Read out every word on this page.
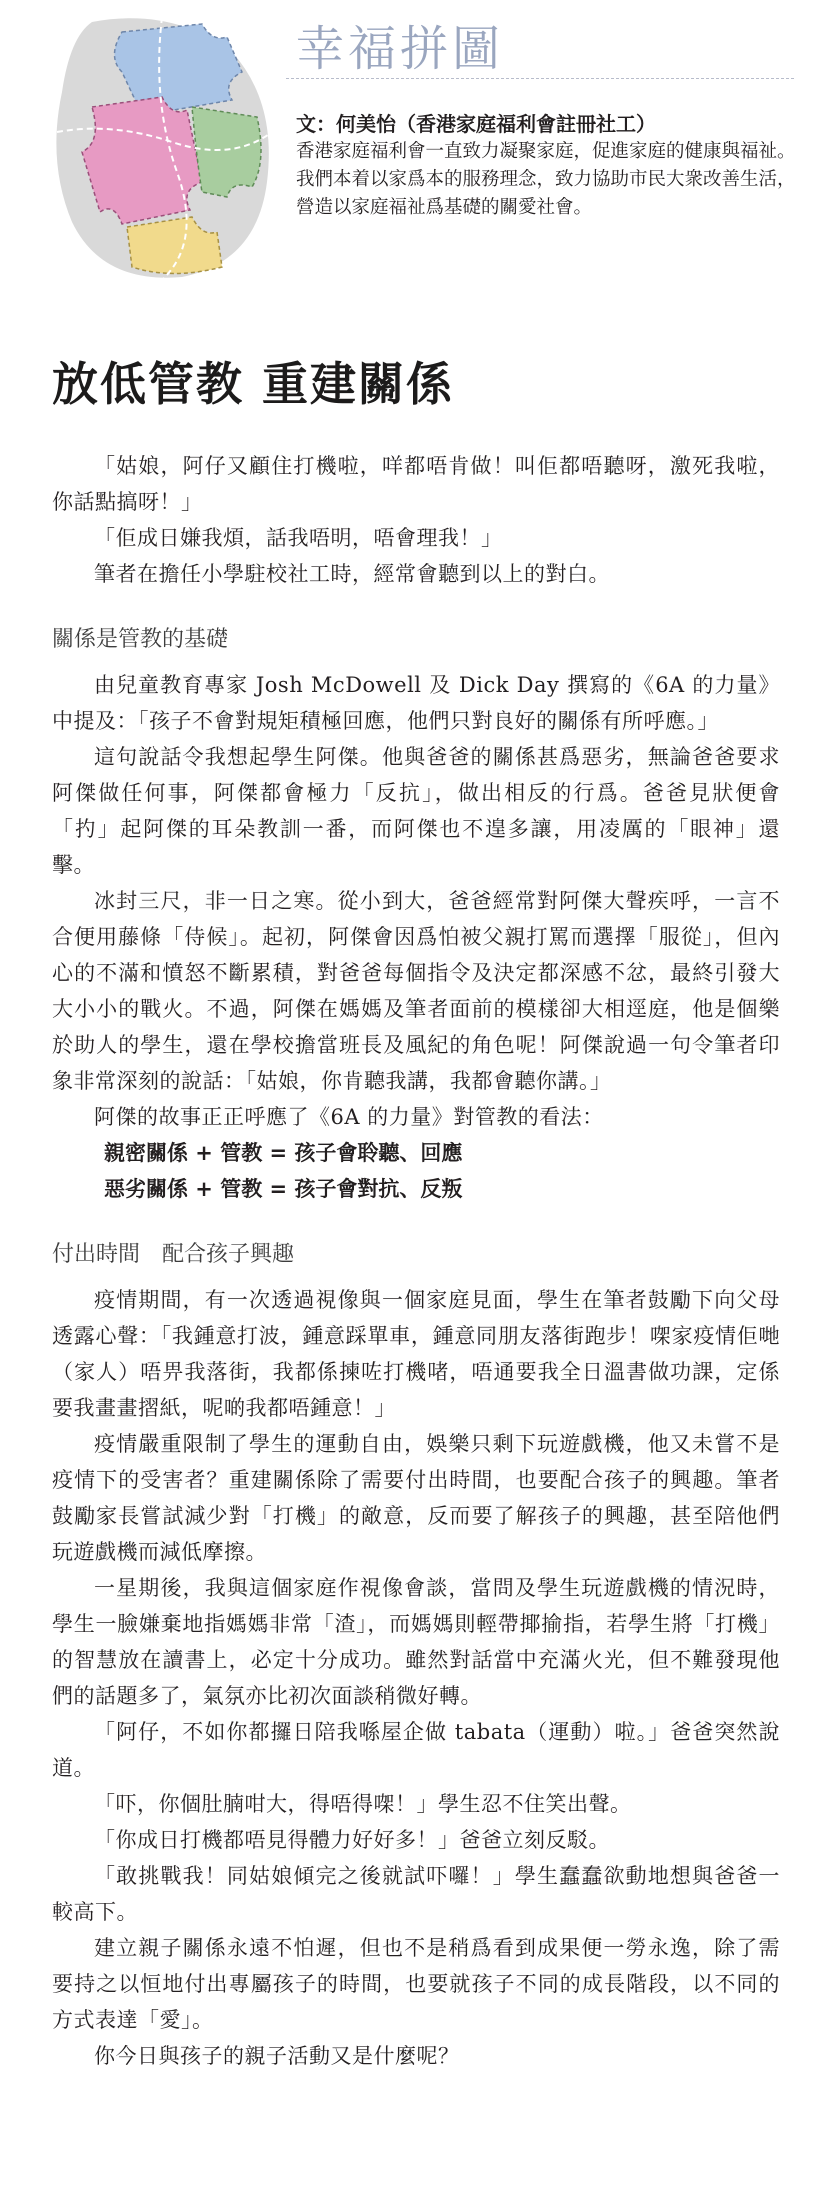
幸福拼圖
文：何美怡（香港家庭福利會註冊社工）
香港家庭福利會一直致力凝聚家庭，促進家庭的健康與福祉。我們本着以家爲本的服務理念，致力協助市民大衆改善生活，營造以家庭福祉爲基礎的關愛社會。
放低管教 重建關係

「姑娘，阿仔又顧住打機啦，咩都唔肯做！叫佢都唔聽呀，激死我啦，你話點搞呀！」

「佢成日嫌我煩，話我唔明，唔會理我！」

筆者在擔任小學駐校社工時，經常會聽到以上的對白。

關係是管教的基礎

由兒童教育專家 Josh McDowell 及 Dick Day 撰寫的《6A 的力量》中提及：「孩子不會對規矩積極回應，他們只對良好的關係有所呼應。」

這句說話令我想起學生阿傑。他與爸爸的關係甚爲惡劣，無論爸爸要求阿傑做任何事，阿傑都會極力「反抗」，做出相反的行爲。爸爸見狀便會「扚」起阿傑的耳朵教訓一番，而阿傑也不遑多讓，用凌厲的「眼神」還擊。

冰封三尺，非一日之寒。從小到大，爸爸經常對阿傑大聲疾呼，一言不合便用藤條「侍候」。起初，阿傑會因爲怕被父親打罵而選擇「服從」，但內心的不滿和憤怒不斷累積，對爸爸每個指令及決定都深感不忿，最終引發大大小小的戰火。不過，阿傑在媽媽及筆者面前的模樣卻大相逕庭，他是個樂於助人的學生，還在學校擔當班長及風紀的角色呢！阿傑說過一句令筆者印象非常深刻的說話：「姑娘，你肯聽我講，我都會聽你講。」

阿傑的故事正正呼應了《6A 的力量》對管教的看法：

親密關係 + 管教 = 孩子會聆聽、回應
惡劣關係 + 管教 = 孩子會對抗、反叛
付出時間　配合孩子興趣

疫情期間，有一次透過視像與一個家庭見面，學生在筆者鼓勵下向父母透露心聲：「我鍾意打波，鍾意踩單車，鍾意同朋友落街跑步！㗎家疫情佢哋（家人）唔畀我落街，我都係揀咗打機啫，唔通要我全日溫書做功課，定係要我畫畫摺紙，呢啲我都唔鍾意！」

疫情嚴重限制了學生的運動自由，娛樂只剩下玩遊戲機，他又未嘗不是疫情下的受害者？重建關係除了需要付出時間，也要配合孩子的興趣。筆者鼓勵家長嘗試減少對「打機」的敵意，反而要了解孩子的興趣，甚至陪他們玩遊戲機而減低摩擦。

一星期後，我與這個家庭作視像會談，當問及學生玩遊戲機的情況時，學生一臉嫌棄地指媽媽非常「渣」，而媽媽則輕帶揶揄指，若學生將「打機」的智慧放在讀書上，必定十分成功。雖然對話當中充滿火光，但不難發現他們的話題多了，氣氛亦比初次面談稍微好轉。

「阿仔，不如你都攞日陪我喺屋企做 tabata（運動）啦。」爸爸突然說道。

「吓，你個肚腩咁大，得唔得㗎！」學生忍不住笑出聲。

「你成日打機都唔見得體力好好多！」爸爸立刻反駁。

「敢挑戰我！同姑娘傾完之後就試吓囉！」學生蠢蠢欲動地想與爸爸一較高下。

建立親子關係永遠不怕遲，但也不是稍爲看到成果便一勞永逸，除了需要持之以恒地付出專屬孩子的時間，也要就孩子不同的成長階段，以不同的方式表達「愛」。

你今日與孩子的親子活動又是什麼呢？
